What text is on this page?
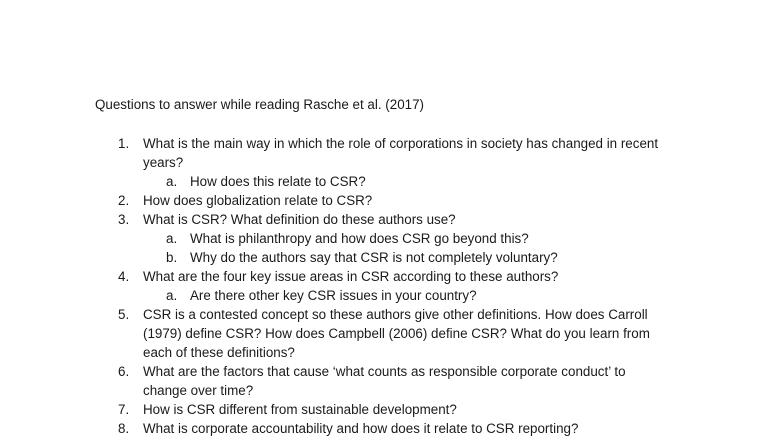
Questions to answer while reading Rasche et al. (2017)
1.	What is the main way in which the role of corporations in society has changed in recent years?
a. How does this relate to CSR?
2.	How does globalization relate to CSR?
3.	What is CSR? What definition do these authors use?
a. What is philanthropy and how does CSR go beyond this?
b. Why do the authors say that CSR is not completely voluntary?
4.	What are the four key issue areas in CSR according to these authors?
a. Are there other key CSR issues in your country?
5.	CSR is a contested concept so these authors give other definitions. How does Carroll (1979) define CSR? How does Campbell (2006) define CSR? What do you learn from each of these definitions?
6.	What are the factors that cause ‘what counts as responsible corporate conduct’ to change over time?
7.	How is CSR different from sustainable development?
8.	What is corporate accountability and how does it relate to CSR reporting?
